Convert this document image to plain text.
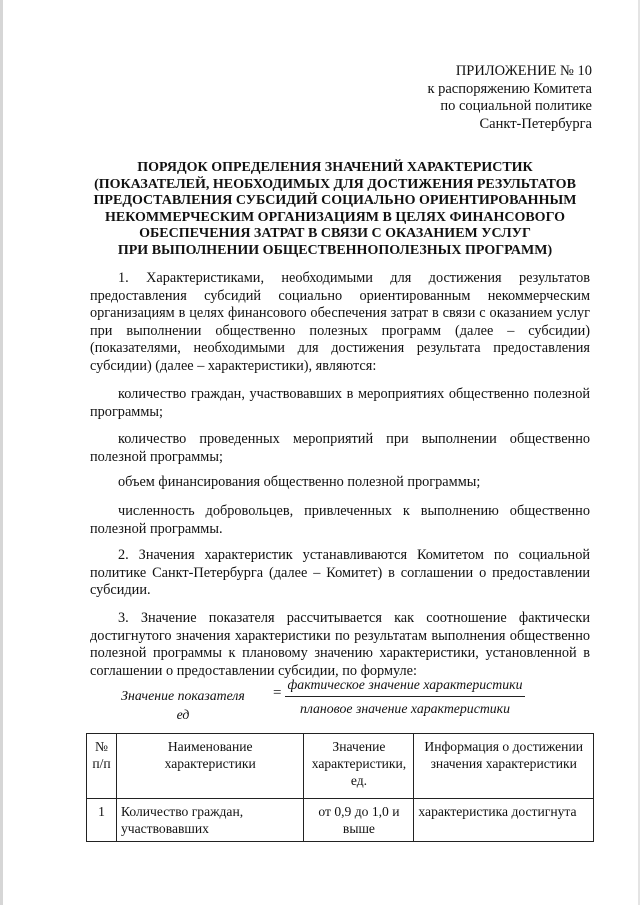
ПРИЛОЖЕНИЕ № 10
к распоряжению Комитета
по социальной политике
Санкт-Петербурга
ПОРЯДОК ОПРЕДЕЛЕНИЯ ЗНАЧЕНИЙ ХАРАКТЕРИСТИК
(ПОКАЗАТЕЛЕЙ, НЕОБХОДИМЫХ ДЛЯ ДОСТИЖЕНИЯ РЕЗУЛЬТАТОВ
ПРЕДОСТАВЛЕНИЯ СУБСИДИЙ СОЦИАЛЬНО ОРИЕНТИРОВАННЫМ
НЕКОММЕРЧЕСКИМ ОРГАНИЗАЦИЯМ В ЦЕЛЯХ ФИНАНСОВОГО
ОБЕСПЕЧЕНИЯ ЗАТРАТ В СВЯЗИ С ОКАЗАНИЕМ УСЛУГ
ПРИ ВЫПОЛНЕНИИ ОБЩЕСТВЕННОПОЛЕЗНЫХ ПРОГРАММ)

1. Характеристиками, необходимыми для достижения результатов предоставления субсидий социально ориентированным некоммерческим организациям в целях финансового обеспечения затрат в связи с оказанием услуг при выполнении общественно полезных программ (далее – субсидии) (показателями, необходимыми для достижения результата предоставления субсидии) (далее – характеристики), являются:

количество граждан, участвовавших в мероприятиях общественно полезной программы;

количество проведенных мероприятий при выполнении общественно полезной программы;

объем финансирования общественно полезной программы;

численность добровольцев, привлеченных к выполнению общественно полезной программы.

2. Значения характеристик устанавливаются Комитетом по социальной политике Санкт-Петербурга (далее – Комитет) в соглашении о предоставлении субсидии.

3. Значение показателя рассчитывается как соотношение фактически достигнутого значения характеристики по результатам выполнения общественно полезной программы к плановому значению характеристики, установленной в соглашении о предоставлении субсидии, по формуле:

Значение показателя
ед
=
фактическое значение характеристики
плановое значение характеристики
№ п/п	Наименование характеристики	Значение характеристики, ед.	Информация о достижении значения характеристики
1	Количество граждан, участвовавших	от 0,9 до 1,0 и выше	характеристика достигнута
